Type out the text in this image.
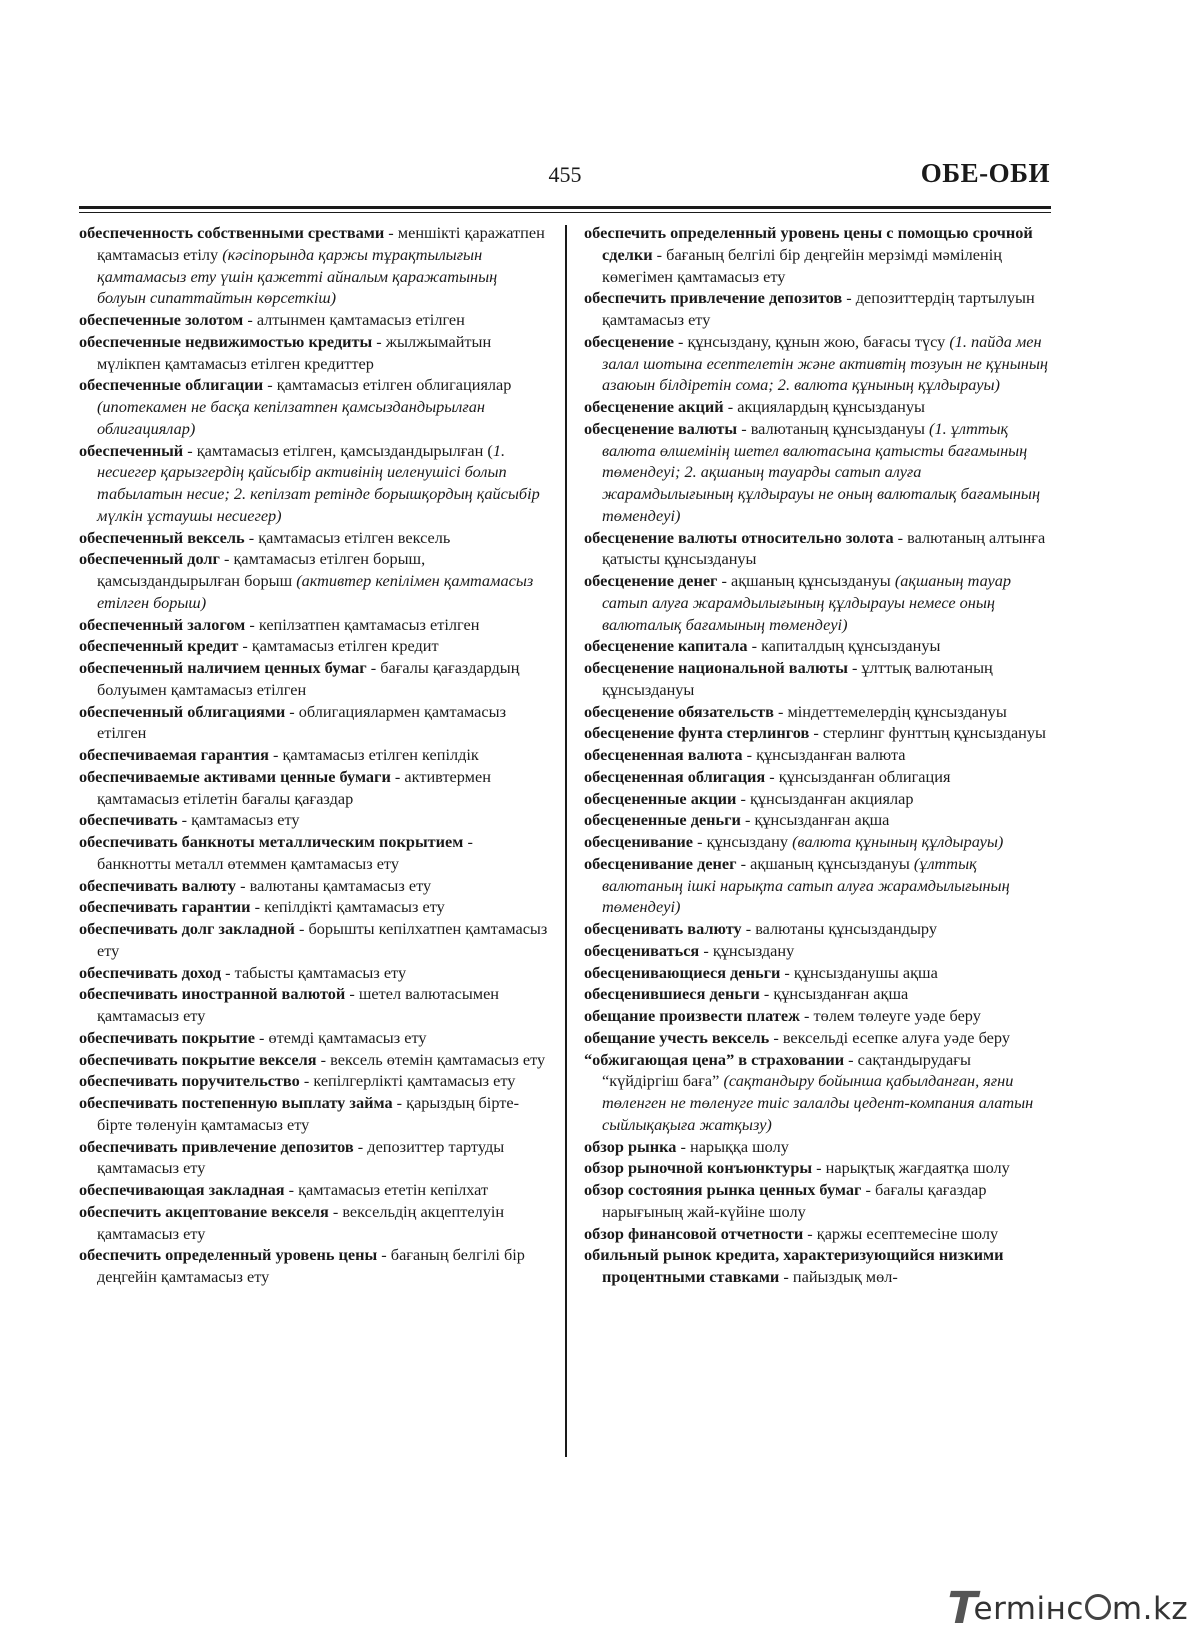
455	ОБЕ-ОБИ

обеспеченность собственными срествами - меншікті қаражатпен қамтамасыз етілу (кәсіпорында қаржы тұрақтылығын қамтамасыз ету үшін қажетті айналым қаражатының болуын сипаттайтын көрсеткіш)

обеспеченные золотом - алтынмен қамтамасыз етілген

обеспеченные недвижимостью кредиты - жылжымайтын мүлікпен қамтамасыз етілген кредиттер

обеспеченные облигации - қамтамасыз етілген облигациялар (ипотекамен не басқа кепілзатпен қамсыздандырылған облигациялар)

обеспеченный - қамтамасыз етілген, қамсыздандырылған (1. несиегер қарызгердің қайсыбір активінің иеленушісі болып табылатын несие; 2. кепілзат ретінде борышқордың қайсыбір мүлкін ұстаушы несиегер)

обеспеченный вексель - қамтамасыз етілген вексель

обеспеченный долг - қамтамасыз етілген борыш, қамсыздандырылған борыш (активтер кепілімен қамтамасыз етілген борыш)

обеспеченный залогом - кепілзатпен қамтамасыз етілген

обеспеченный кредит - қамтамасыз етілген кредит

обеспеченный наличием ценных бумаг - бағалы қағаздардың болуымен қамтамасыз етілген

обеспеченный облигациями - облигациялармен қамтамасыз етілген

обеспечиваемая гарантия - қамтамасыз етілген кепілдік

обеспечиваемые активами ценные бумаги - активтермен қамтамасыз етілетін бағалы қағаздар

обеспечивать - қамтамасыз ету

обеспечивать банкноты металлическим покрытием - банкнотты металл өтеммен қамтамасыз ету

обеспечивать валюту - валютаны қамтамасыз ету

обеспечивать гарантии - кепілдікті қамтамасыз ету

обеспечивать долг закладной - борышты кепілхатпен қамтамасыз ету

обеспечивать доход - табысты қамтамасыз ету

обеспечивать иностранной валютой - шетел валютасымен қамтамасыз ету

обеспечивать покрытие - өтемді қамтамасыз ету

обеспечивать покрытие векселя - вексель өтемін қамтамасыз ету

обеспечивать поручительство - кепілгерлікті қамтамасыз ету

обеспечивать постепенную выплату займа - қарыздың бірте-бірте төленуін қамтамасыз ету

обеспечивать привлечение депозитов - депозиттер тартуды қамтамасыз ету

обеспечивающая закладная - қамтамасыз ететін кепілхат

обеспечить акцептование векселя - вексельдің акцептелуін қамтамасыз ету

обеспечить определенный уровень цены - бағаның белгілі бір деңгейін қамтамасыз ету

обеспечить определенный уровень цены с помощью срочной сделки - бағаның белгілі бір деңгейін мерзімді мәміленің көмегімен қамтамасыз ету

обеспечить привлечение депозитов - депозиттердің тартылуын қамтамасыз ету

обесценение - құнсыздану, құнын жою, бағасы түсу (1. пайда мен залал шотына есептелетін және активтің тозуын не құнының азаюын білдіретін сома; 2. валюта құнының құлдырауы)

обесценение акций - акциялардың құнсыздануы

обесценение валюты - валютаның құнсыздануы (1. ұлттық валюта өлшемінің шетел валютасына қатысты бағамының төмендеуі; 2. ақшаның тауарды сатып алуға жарамдылығының құлдырауы не оның валюталық бағамының төмендеуі)

обесценение валюты относительно золота - валютаның алтынға қатысты құнсыздануы

обесценение денег - ақшаның құнсыздануы (ақшаның тауар сатып алуға жарамдылығының құлдырауы немесе оның валюталық бағамының төмендеуі)

обесценение капитала - капиталдың құнсыздануы

обесценение национальной валюты - ұлттық валютаның құнсыздануы

обесценение обязательств - міндеттемелердің құнсыздануы

обесценение фунта стерлингов - стерлинг фунттың құнсыздануы

обесцененная валюта - құнсызданған валюта

обесцененная облигация - құнсызданған облигация

обесцененные акции - құнсызданған акциялар

обесцененные деньги - құнсызданған ақша

обесценивание - құнсыздану (валюта құнының құлдырауы)

обесценивание денег - ақшаның құнсыздануы (ұлттық валютаның ішкі нарықта сатып алуға жарамдылығының төмендеуі)

обесценивать валюту - валютаны құнсыздандыру

обесцениваться - құнсыздану

обесценивающиеся деньги - құнсызданушы ақша

обесценившиеся деньги - құнсызданған ақша

обещание произвести платеж - төлем төлеуге уәде беру

обещание учесть вексель - вексельді есепке алуға уәде беру

“обжигающая цена” в страховании - сақтандырудағы “күйдіргіш баға” (сақтандыру бойынша қабылданған, яғни төленген не төленуге тиіс залалды цедент-компания алатын сыйлықақыға жатқызу)

обзор рынка - нарыққа шолу

обзор рыночной конъюнктуры - нарықтық жағдаятқа шолу

обзор состояния рынка ценных бумаг - бағалы қағаздар нарығының жай-күйіне шолу

обзор финансовой отчетности - қаржы есептемесіне шолу

обильный рынок кредита, характеризующийся низкими процентными ставками - пайыздық мөл-

Termінс m.kz
